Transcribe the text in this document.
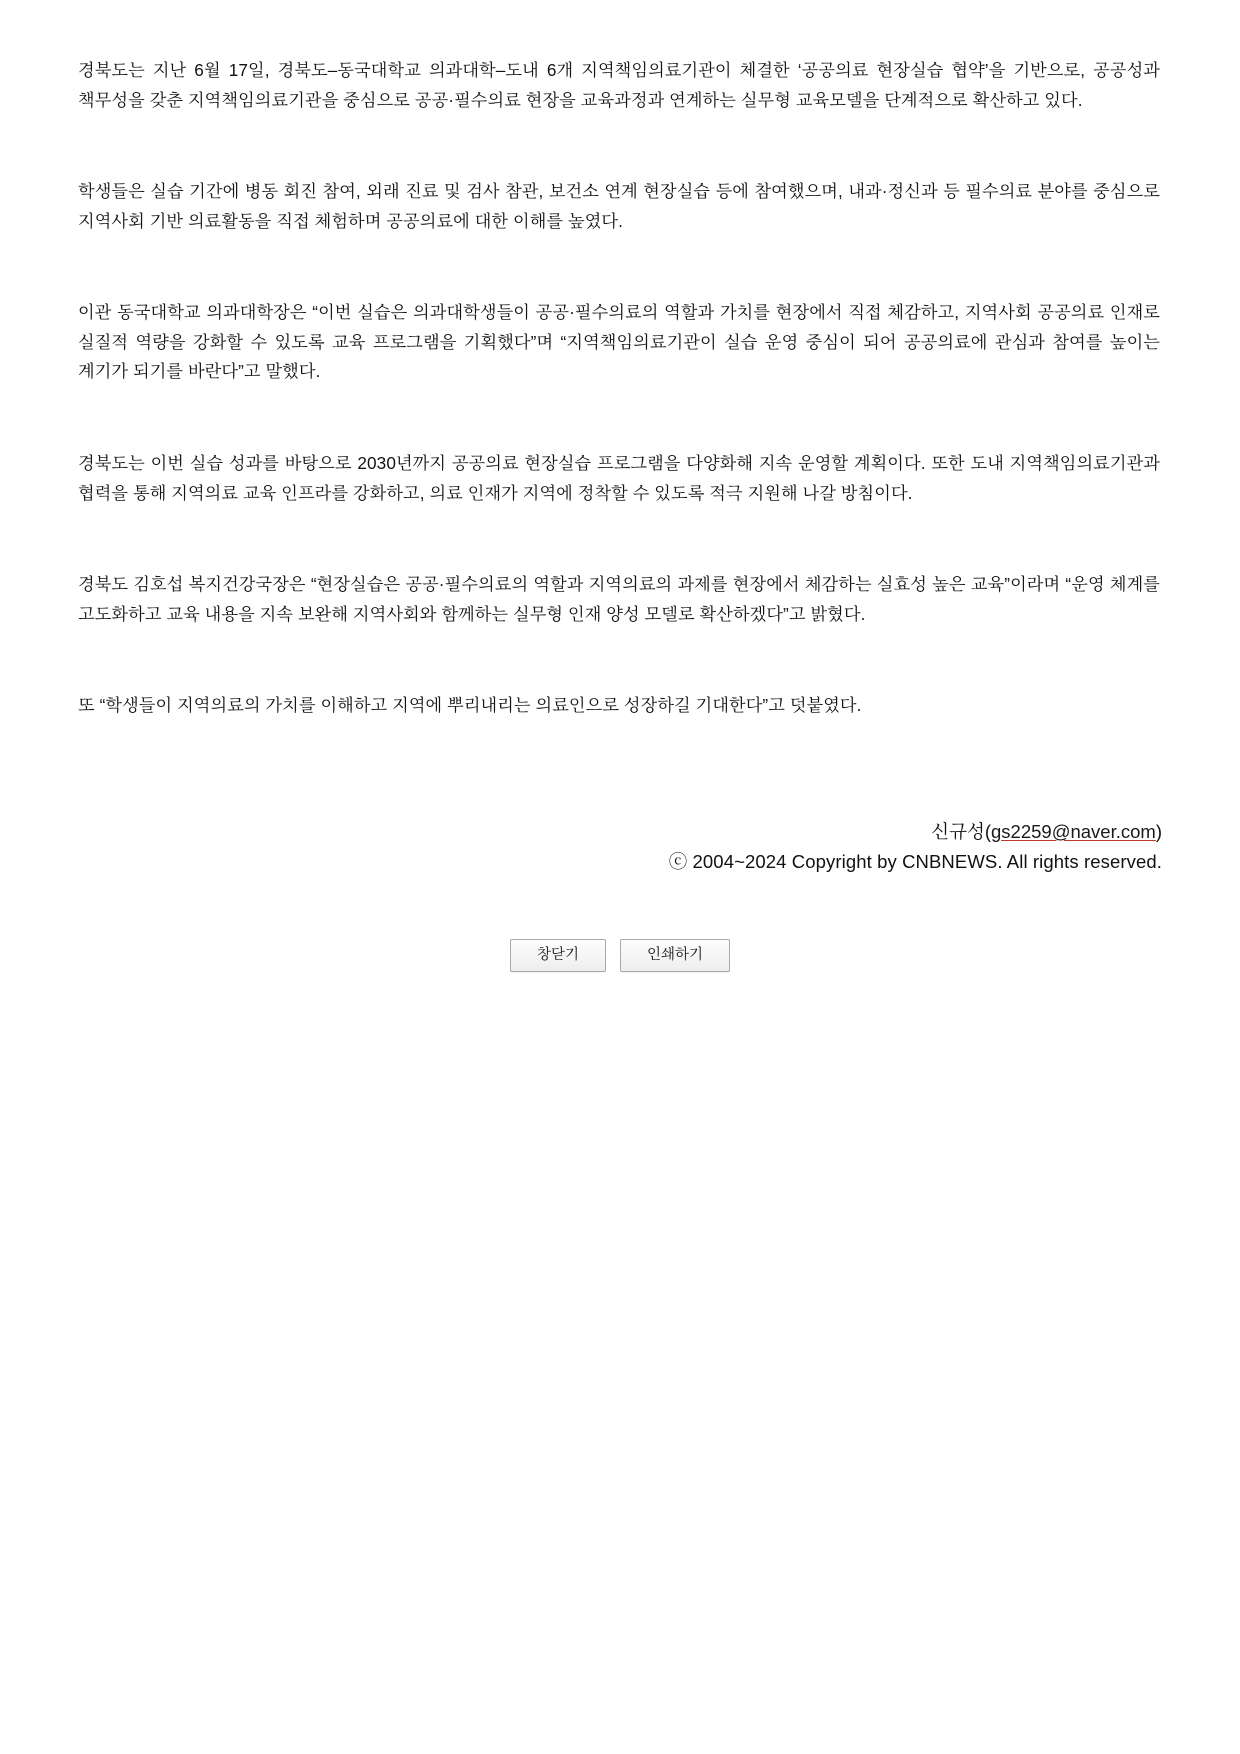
경북도는 지난 6월 17일, 경북도–동국대학교 의과대학–도내 6개 지역책임의료기관이 체결한 ‘공공의료 현장실습 협약’을 기반으로, 공공성과 책무성을 갖춘 지역책임의료기관을 중심으로 공공·필수의료 현장을 교육과정과 연계하는 실무형 교육모델을 단계적으로 확산하고 있다.

학생들은 실습 기간에 병동 회진 참여, 외래 진료 및 검사 참관, 보건소 연계 현장실습 등에 참여했으며, 내과·정신과 등 필수의료 분야를 중심으로 지역사회 기반 의료활동을 직접 체험하며 공공의료에 대한 이해를 높였다.

이관 동국대학교 의과대학장은 “이번 실습은 의과대학생들이 공공·필수의료의 역할과 가치를 현장에서 직접 체감하고, 지역사회 공공의료 인재로 실질적 역량을 강화할 수 있도록 교육 프로그램을 기획했다”며 “지역책임의료기관이 실습 운영 중심이 되어 공공의료에 관심과 참여를 높이는 계기가 되기를 바란다”고 말했다.

경북도는 이번 실습 성과를 바탕으로 2030년까지 공공의료 현장실습 프로그램을 다양화해 지속 운영할 계획이다. 또한 도내 지역책임의료기관과 협력을 통해 지역의료 교육 인프라를 강화하고, 의료 인재가 지역에 정착할 수 있도록 적극 지원해 나갈 방침이다.

경북도 김호섭 복지건강국장은 “현장실습은 공공·필수의료의 역할과 지역의료의 과제를 현장에서 체감하는 실효성 높은 교육”이라며 “운영 체계를 고도화하고 교육 내용을 지속 보완해 지역사회와 함께하는 실무형 인재 양성 모델로 확산하겠다”고 밝혔다.

또 “학생들이 지역의료의 가치를 이해하고 지역에 뿌리내리는 의료인으로 성장하길 기대한다”고 덧붙였다.

신규성(gs2259@naver.com)
ⓒ 2004~2024 Copyright by CNBNEWS. All rights reserved.
창닫기	인쇄하기
